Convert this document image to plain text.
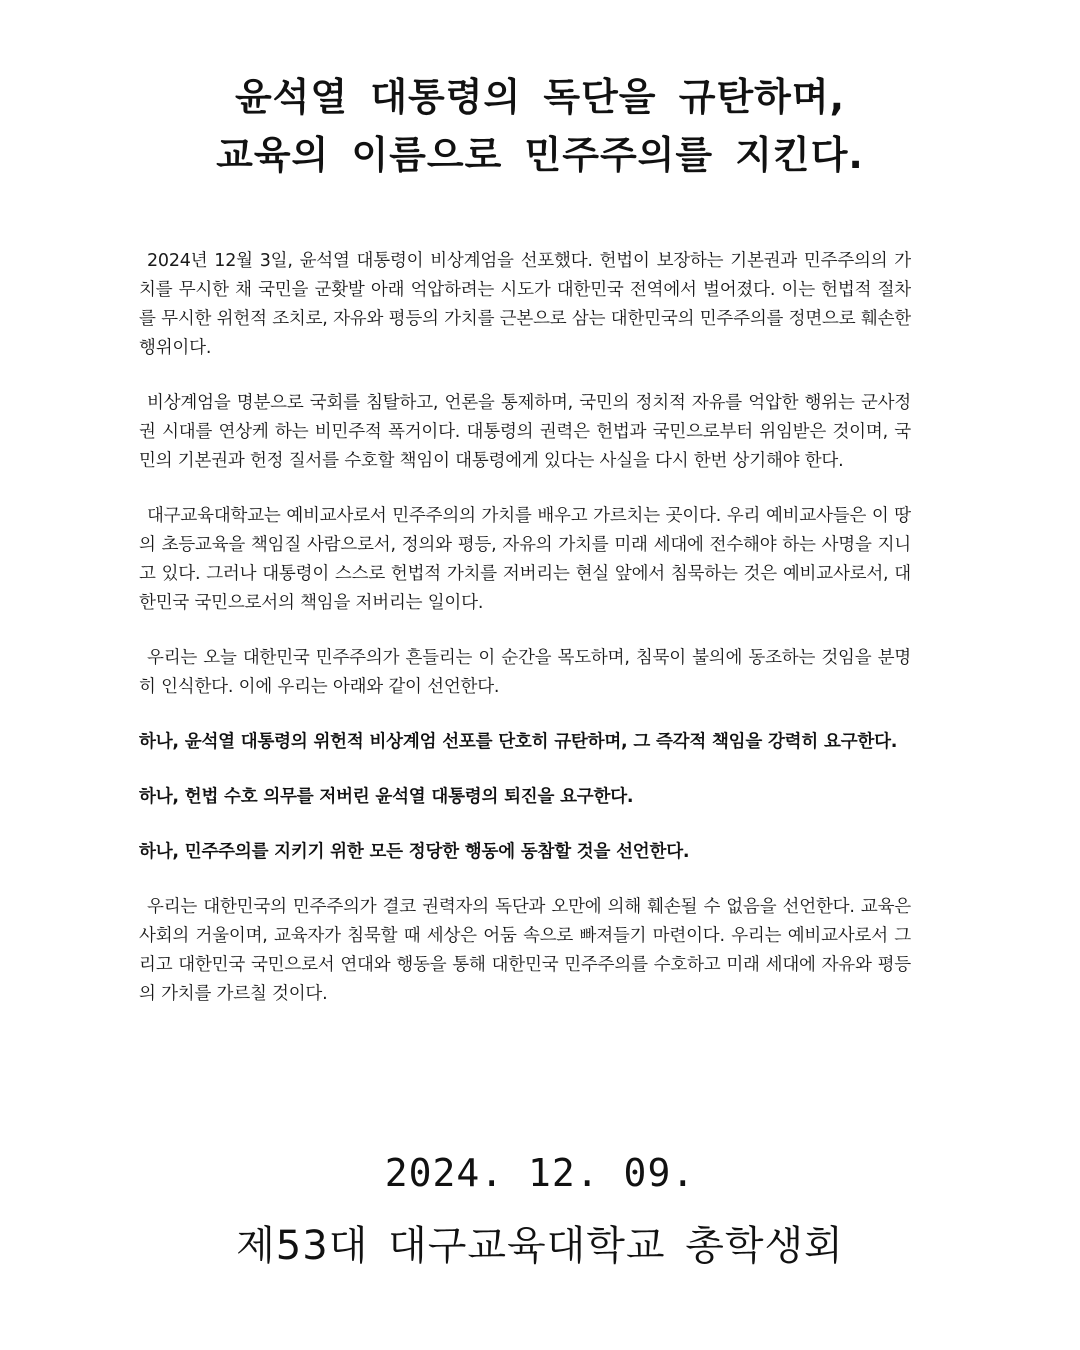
윤석열 대통령의 독단을 규탄하며,
교육의 이름으로 민주주의를 지킨다.

2024년 12월 3일, 윤석열 대통령이 비상계엄을 선포했다. 헌법이 보장하는 기본권과 민주주의의 가치를 무시한 채 국민을 군홧발 아래 억압하려는 시도가 대한민국 전역에서 벌어졌다. 이는 헌법적 절차를 무시한 위헌적 조치로, 자유와 평등의 가치를 근본으로 삼는 대한민국의 민주주의를 정면으로 훼손한 행위이다.

비상계엄을 명분으로 국회를 침탈하고, 언론을 통제하며, 국민의 정치적 자유를 억압한 행위는 군사정권 시대를 연상케 하는 비민주적 폭거이다. 대통령의 권력은 헌법과 국민으로부터 위임받은 것이며, 국민의 기본권과 헌정 질서를 수호할 책임이 대통령에게 있다는 사실을 다시 한번 상기해야 한다.

대구교육대학교는 예비교사로서 민주주의의 가치를 배우고 가르치는 곳이다. 우리 예비교사들은 이 땅의 초등교육을 책임질 사람으로서, 정의와 평등, 자유의 가치를 미래 세대에 전수해야 하는 사명을 지니고 있다. 그러나 대통령이 스스로 헌법적 가치를 저버리는 현실 앞에서 침묵하는 것은 예비교사로서, 대한민국 국민으로서의 책임을 저버리는 일이다.

우리는 오늘 대한민국 민주주의가 흔들리는 이 순간을 목도하며, 침묵이 불의에 동조하는 것임을 분명히 인식한다. 이에 우리는 아래와 같이 선언한다.

하나, 윤석열 대통령의 위헌적 비상계엄 선포를 단호히 규탄하며, 그 즉각적 책임을 강력히 요구한다.

하나, 헌법 수호 의무를 저버린 윤석열 대통령의 퇴진을 요구한다.

하나, 민주주의를 지키기 위한 모든 정당한 행동에 동참할 것을 선언한다.

우리는 대한민국의 민주주의가 결코 권력자의 독단과 오만에 의해 훼손될 수 없음을 선언한다. 교육은 사회의 거울이며, 교육자가 침묵할 때 세상은 어둠 속으로 빠져들기 마련이다. 우리는 예비교사로서 그리고 대한민국 국민으로서 연대와 행동을 통해 대한민국 민주주의를 수호하고 미래 세대에 자유와 평등의 가치를 가르칠 것이다.

2024. 12. 09.
제53대 대구교육대학교 총학생회
